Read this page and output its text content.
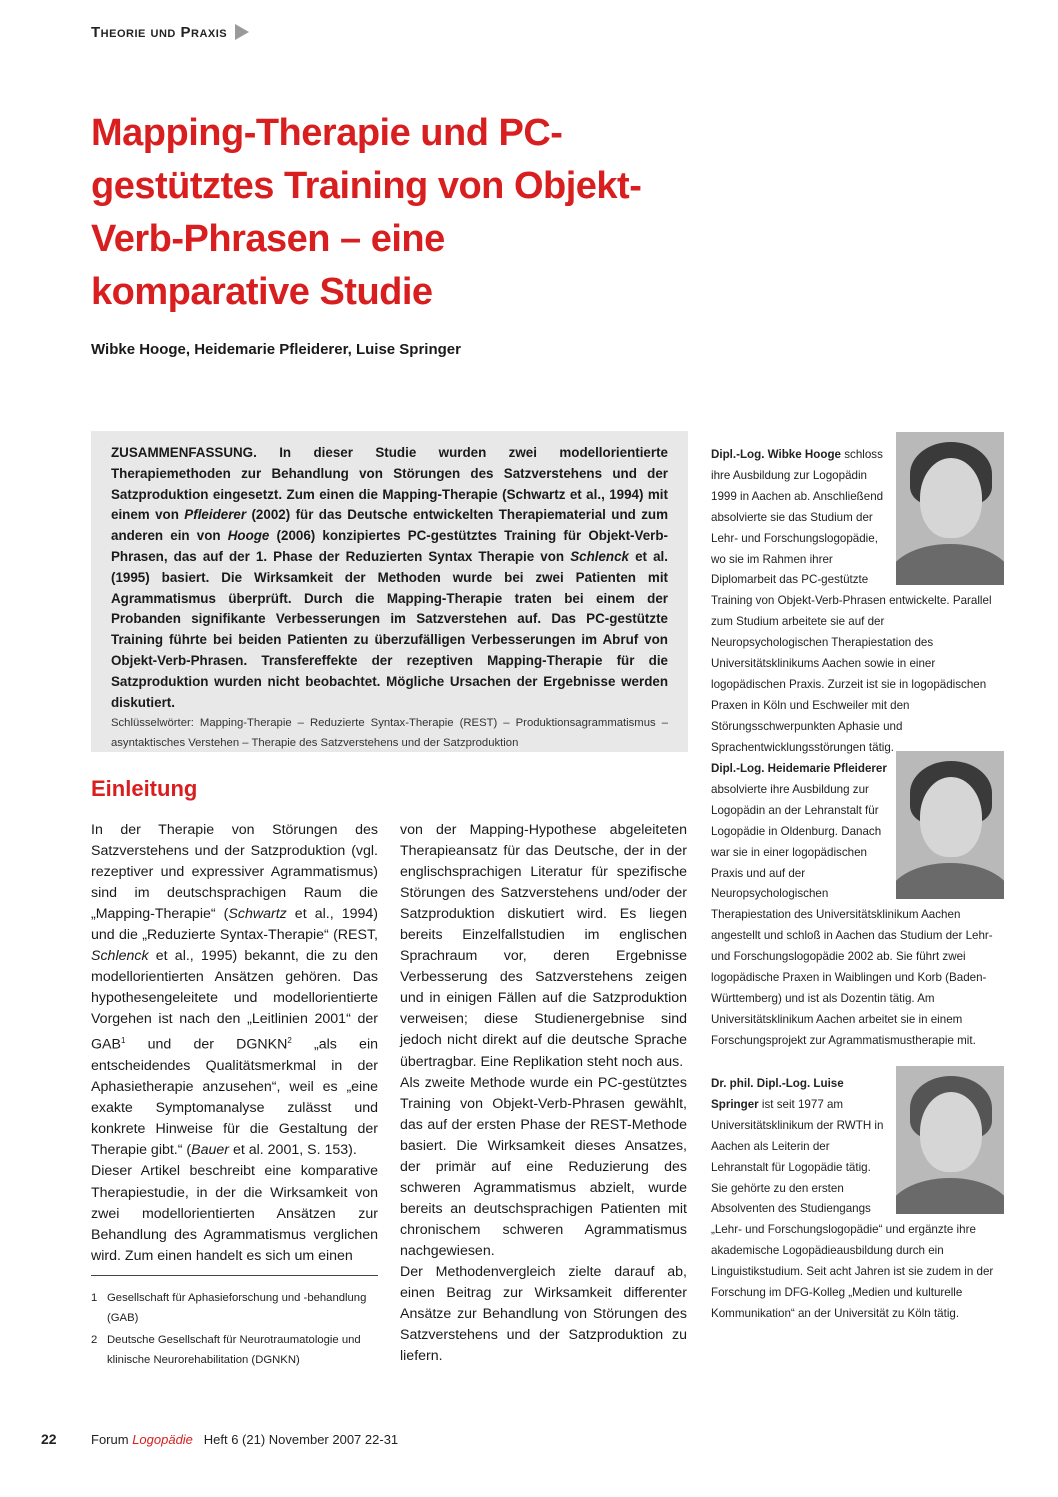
Theorie und Praxis
Mapping-Therapie und PC-gestütztes Training von Objekt-Verb-Phrasen – eine komparative Studie
Wibke Hooge, Heidemarie Pfleiderer, Luise Springer
ZUSAMMENFASSUNG. In dieser Studie wurden zwei modellorientierte Therapiemethoden zur Behandlung von Störungen des Satzverstehens und der Satzproduktion eingesetzt. Zum einen die Mapping-Therapie (Schwartz et al., 1994) mit einem von Pfleiderer (2002) für das Deutsche entwickelten Therapiematerial und zum anderen ein von Hooge (2006) konzipiertes PC-gestütztes Training für Objekt-Verb-Phrasen, das auf der 1. Phase der Reduzierten Syntax Therapie von Schlenck et al. (1995) basiert. Die Wirksamkeit der Methoden wurde bei zwei Patienten mit Agrammatismus überprüft. Durch die Mapping-Therapie traten bei einem der Probanden signifikante Verbesserungen im Satzverstehen auf. Das PC-gestützte Training führte bei beiden Patienten zu überzufälligen Verbesserungen im Abruf von Objekt-Verb-Phrasen. Transfereffekte der rezeptiven Mapping-Therapie für die Satzproduktion wurden nicht beobachtet. Mögliche Ursachen der Ergebnisse werden diskutiert.
Schlüsselwörter: Mapping-Therapie – Reduzierte Syntax-Therapie (REST) – Produktionsagrammatismus – asyntaktisches Verstehen – Therapie des Satzverstehens und der Satzproduktion
Dipl.-Log. Wibke Hooge schloss ihre Ausbildung zur Logopädin 1999 in Aachen ab. Anschließend absolvierte sie das Studium der Lehr- und Forschungslogopädie, wo sie im Rahmen ihrer Diplomarbeit das PC-gestützte Training von Objekt-Verb-Phrasen entwickelte. Parallel zum Studium arbeitete sie auf der Neuropsychologischen Therapiestation des Universitätsklinikums Aachen sowie in einer logopädischen Praxis. Zurzeit ist sie in logopädischen Praxen in Köln und Eschweiler mit den Störungsschwerpunkten Aphasie und Sprachentwicklungsstörungen tätig.
Dipl.-Log. Heidemarie Pfleiderer absolvierte ihre Ausbildung zur Logopädin an der Lehranstalt für Logopädie in Oldenburg. Danach war sie in einer logopädischen Praxis und auf der Neuropsychologischen Therapiestation des Universitätsklinikum Aachen angestellt und schloß in Aachen das Studium der Lehr- und Forschungslogopädie 2002 ab. Sie führt zwei logopädische Praxen in Waiblingen und Korb (Baden-Württemberg) und ist als Dozentin tätig. Am Universitätsklinikum Aachen arbeitet sie in einem Forschungsprojekt zur Agrammatismustherapie mit.
Dr. phil. Dipl.-Log. Luise Springer ist seit 1977 am Universitätsklinikum der RWTH in Aachen als Leiterin der Lehranstalt für Logopädie tätig. Sie gehörte zu den ersten Absolventen des Studiengangs „Lehr- und Forschungslogopädie“ und ergänzte ihre akademische Logopädieausbildung durch ein Linguistikstudium. Seit acht Jahren ist sie zudem in der Forschung im DFG-Kolleg „Medien und kulturelle Kommunikation“ an der Universität zu Köln tätig.
Einleitung

In der Therapie von Störungen des Satzverstehens und der Satzproduktion (vgl. rezeptiver und expressiver Agrammatismus) sind im deutschsprachigen Raum die „Mapping-Therapie“ (Schwartz et al., 1994) und die „Reduzierte Syntax-Therapie“ (REST, Schlenck et al., 1995) bekannt, die zu den modellorientierten Ansätzen gehören. Das hypothesengeleitete und modellorientierte Vorgehen ist nach den „Leitlinien 2001“ der GAB$^1$ und der DGNKN$^2$ „als ein entscheidendes Qualitätsmerkmal in der Aphasietherapie anzusehen“, weil es „eine exakte Symptomanalyse zulässt und konkrete Hinweise für die Gestaltung der Therapie gibt.“ (Bauer et al. 2001, S. 153).

Dieser Artikel beschreibt eine komparative Therapiestudie, in der die Wirksamkeit von zwei modellorientierten Ansätzen zur Behandlung des Agrammatismus verglichen wird. Zum einen handelt es sich um einen

von der Mapping-Hypothese abgeleiteten Therapieansatz für das Deutsche, der in der englischsprachigen Literatur für spezifische Störungen des Satzverstehens und/oder der Satzproduktion diskutiert wird. Es liegen bereits Einzelfallstudien im englischen Sprachraum vor, deren Ergebnisse Verbesserung des Satzverstehens zeigen und in einigen Fällen auf die Satzproduktion verweisen; diese Studienergebnise sind jedoch nicht direkt auf die deutsche Sprache übertragbar. Eine Replikation steht noch aus.

Als zweite Methode wurde ein PC-gestütztes Training von Objekt-Verb-Phrasen gewählt, das auf der ersten Phase der REST-Methode basiert. Die Wirksamkeit dieses Ansatzes, der primär auf eine Reduzierung des schweren Agrammatismus abzielt, wurde bereits an deutschsprachigen Patienten mit chronischem schweren Agrammatismus nachgewiesen.

Der Methodenvergleich zielte darauf ab, einen Beitrag zur Wirksamkeit differenter Ansätze zur Behandlung von Störungen des Satzverstehens und der Satzproduktion zu liefern.

1 Gesellschaft für Aphasieforschung und -behandlung (GAB)
2 Deutsche Gesellschaft für Neurotraumatologie und klinische Neurorehabilitation (DGNKN)
22	Forum Logopädie Heft 6 (21) November 2007 22-31
